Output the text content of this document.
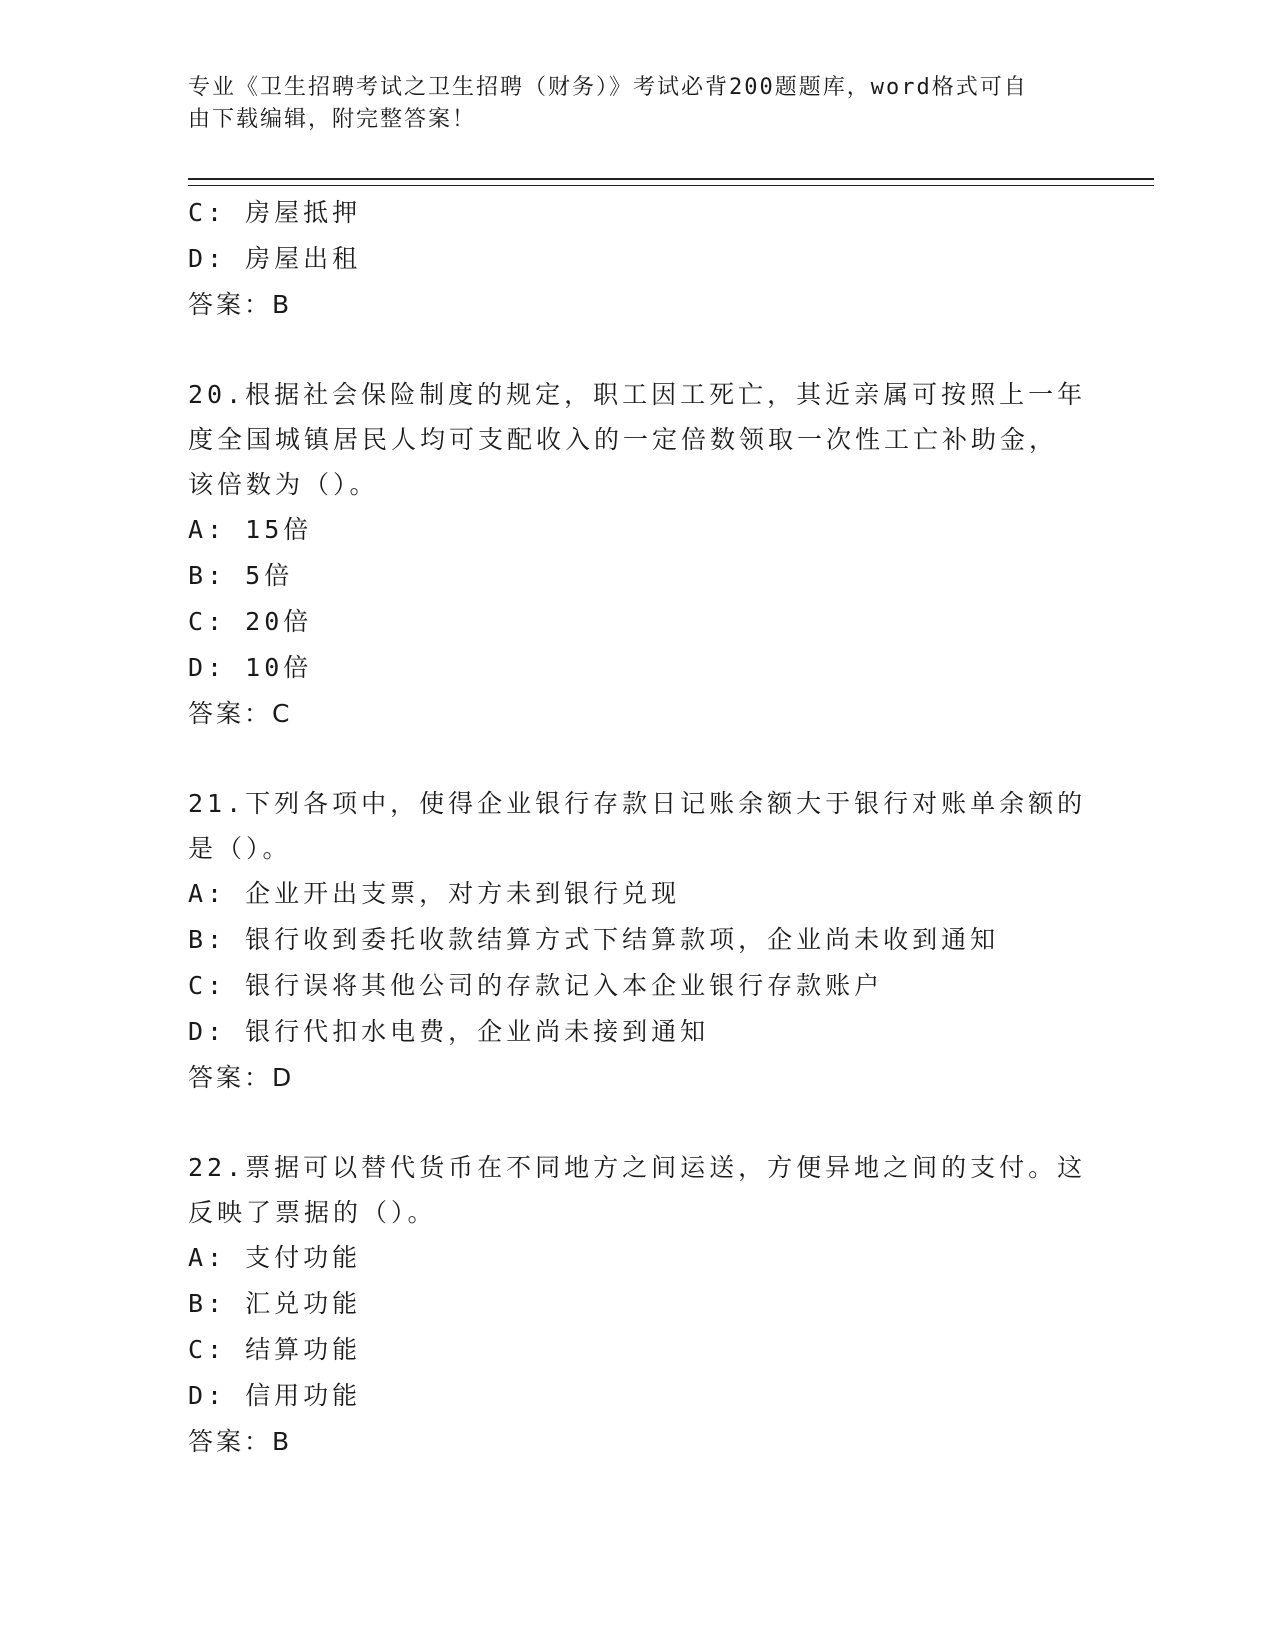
专业《卫生招聘考试之卫生招聘（财务）》考试必背200题题库，word格式可自
由下载编辑，附完整答案！
C: 房屋抵押
D: 房屋出租
答案：B
20.根据社会保险制度的规定，职工因工死亡，其近亲属可按照上一年
度全国城镇居民人均可支配收入的一定倍数领取一次性工亡补助金，
该倍数为（）。
A: 15倍
B: 5倍
C: 20倍
D: 10倍
答案：C
21.下列各项中，使得企业银行存款日记账余额大于银行对账单余额的
是（）。
A: 企业开出支票，对方未到银行兑现
B: 银行收到委托收款结算方式下结算款项，企业尚未收到通知
C: 银行误将其他公司的存款记入本企业银行存款账户
D: 银行代扣水电费，企业尚未接到通知
答案：D
22.票据可以替代货币在不同地方之间运送，方便异地之间的支付。这
反映了票据的（）。
A: 支付功能
B: 汇兑功能
C: 结算功能
D: 信用功能
答案：B
